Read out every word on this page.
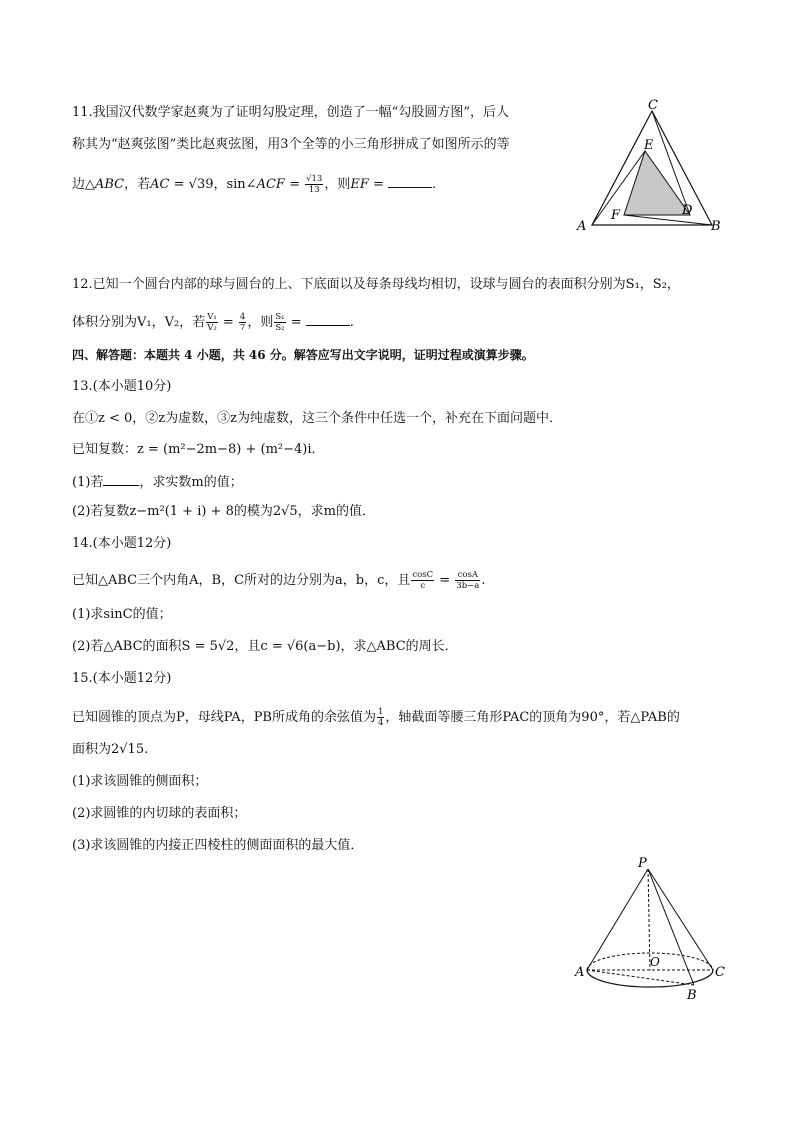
11.我国汉代数学家赵爽为了证明勾股定理，创造了一幅“勾股圆方图”，后人
称其为“赵爽弦图”类比赵爽弦图，用3个全等的小三角形拼成了如图所示的等
边△ABC，若AC = √39，sin∠ACF = $\frac{√13}{13}$ ，则EF =	.
C
E
F	D
A	B
12.已知一个圆台内部的球与圆台的上、下底面以及每条母线均相切，设球与圆台的表面积分别为S₁，S₂，
体积分别为V₁，V₂，若 $\frac{\text{V₁}}{\text{V₂}} = \frac{4}{7}$ ，则 $\frac{\text{S₁}}{\text{S₂}}$ =	.
四、解答题：本题共 4 小题，共 46 分。解答应写出文字说明，证明过程或演算步骤。
13.(本小题10分)
在①z < 0，②z为虚数，③z为纯虚数，这三个条件中任选一个，补充在下面问题中．
已知复数：z = (m²−2m−8) + (m²−4)i．
(1)若	，求实数m的值；
(2)若复数z−m²(1 + i) + 8的模为2√5，求m的值．
14.(本小题12分)
已知△ABC三个内角A，B，C所对的边分别为a，b，c，且 $\frac{\cos C}{c} = \frac{\cos A}{3b-a}$ .
(1)求sinC的值；
(2)若△ABC的面积S = 5√2，且c = √6(a−b)，求△ABC的周长．
15.(本小题12分)
已知圆锥的顶点为P，母线PA，PB所成角的余弦值为 $\frac{1}{4}$ ，轴截面等腰三角形PAC的顶角为90°，若△PAB的
面积为2√15.
(1)求该圆锥的侧面积；
(2)求圆锥的内切球的表面积；
(3)求该圆锥的内接正四棱柱的侧面面积的最大值．
P
O
A	C
B
